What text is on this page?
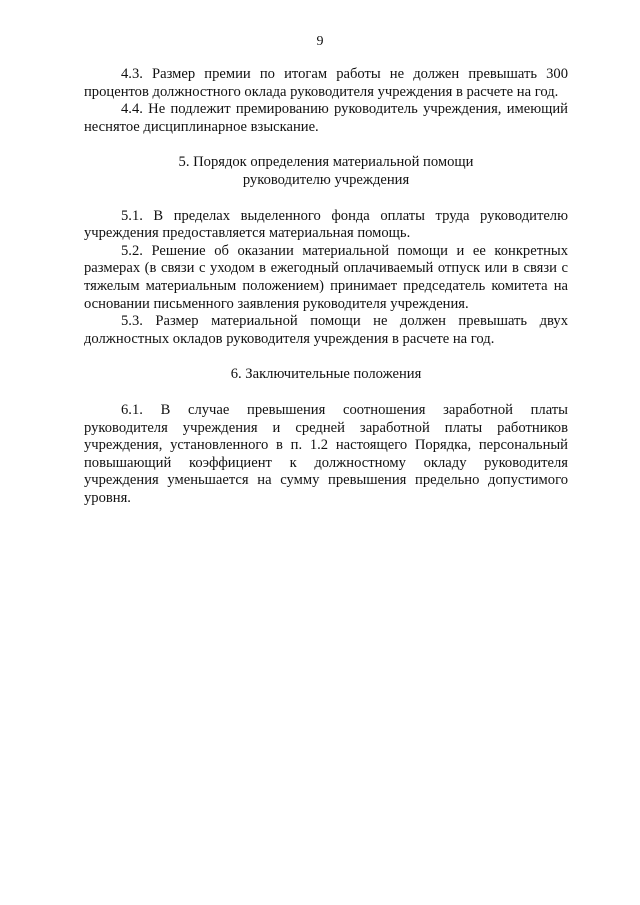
9

4.3. Размер премии по итогам работы не должен превышать 300 процентов должностного оклада руководителя учреждения в расчете на год.

4.4. Не подлежит премированию руководитель учреждения, имеющий неснятое дисциплинарное взыскание.

5. Порядок определения материальной помощи

руководителю учреждения

5.1. В пределах выделенного фонда оплаты труда руководителю учреждения предоставляется материальная помощь.

5.2. Решение об оказании материальной помощи и ее конкретных размерах (в связи с уходом в ежегодный оплачиваемый отпуск или в связи с тяжелым материальным положением) принимает председатель комитета на основании письменного заявления руководителя учреждения.

5.3. Размер материальной помощи не должен превышать двух должностных окладов руководителя учреждения в расчете на год.

6. Заключительные положения

6.1. В случае превышения соотношения заработной платы руководителя учреждения и средней заработной платы работников учреждения, установленного в п. 1.2 настоящего Порядка, персональный повышающий коэффициент к должностному окладу руководителя учреждения уменьшается на сумму превышения предельно допустимого уровня.
